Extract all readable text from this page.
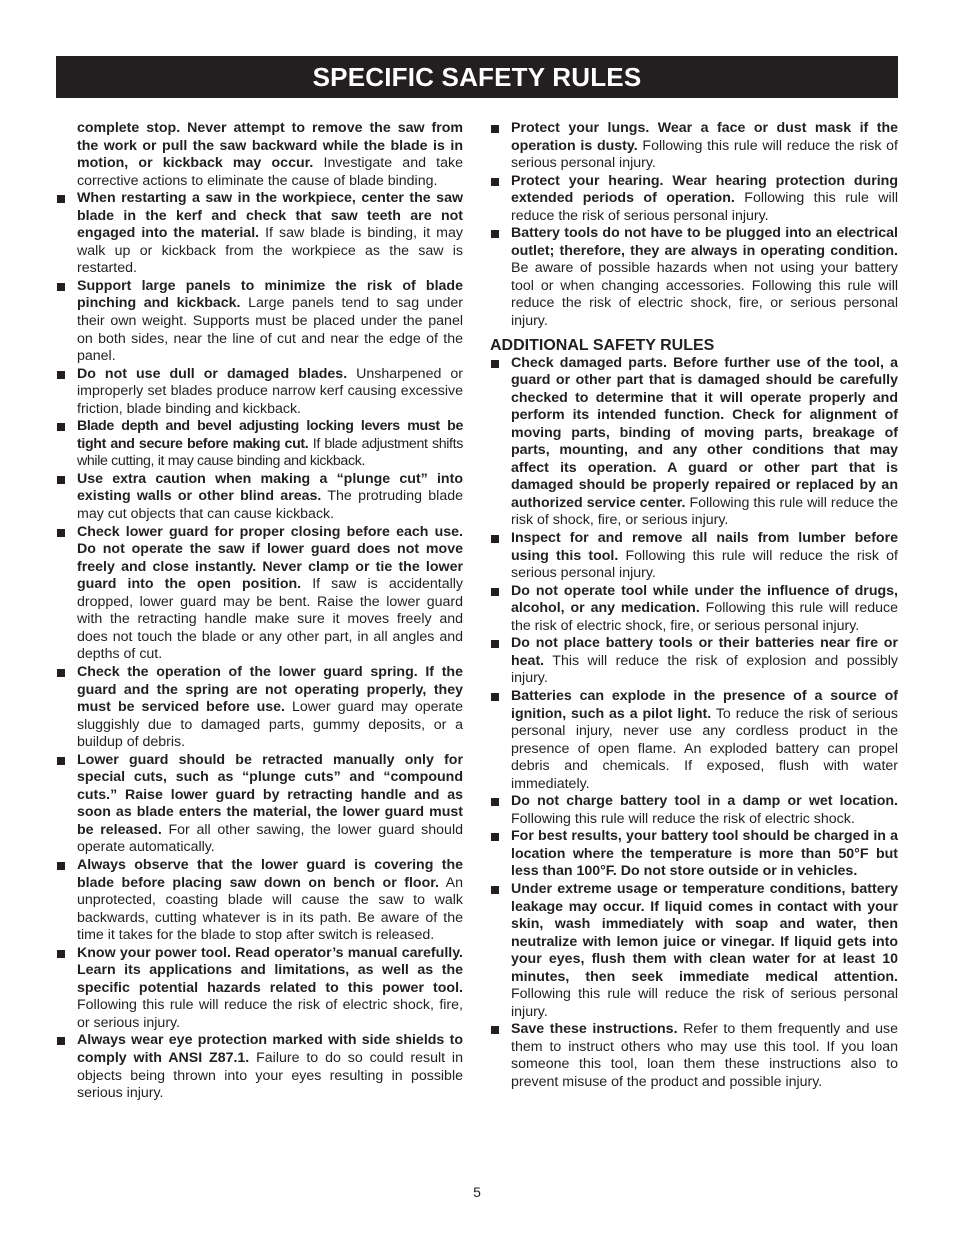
SPECIFIC SAFETY RULES

complete stop. Never attempt to remove the saw from the work or pull the saw backward while the blade is in motion, or kickback may occur. Investigate and take corrective actions to eliminate the cause of blade binding.

When restarting a saw in the workpiece, center the saw blade in the kerf and check that saw teeth are not engaged into the material. If saw blade is binding, it may walk up or kickback from the workpiece as the saw is restarted.

Support large panels to minimize the risk of blade pinching and kickback. Large panels tend to sag under their own weight. Supports must be placed under the panel on both sides, near the line of cut and near the edge of the panel.

Do not use dull or damaged blades. Unsharpened or improperly set blades produce narrow kerf causing excessive friction, blade binding and kickback.

Blade depth and bevel adjusting locking levers must be tight and secure before making cut. If blade adjustment shifts while cutting, it may cause binding and kickback.

Use extra caution when making a “plunge cut” into existing walls or other blind areas. The protruding blade may cut objects that can cause kickback.

Check lower guard for proper closing before each use. Do not operate the saw if lower guard does not move freely and close instantly. Never clamp or tie the lower guard into the open position. If saw is accidentally dropped, lower guard may be bent. Raise the lower guard with the retracting handle make sure it moves freely and does not touch the blade or any other part, in all angles and depths of cut.

Check the operation of the lower guard spring. If the guard and the spring are not operating properly, they must be serviced before use. Lower guard may operate sluggishly due to damaged parts, gummy deposits, or a buildup of debris.

Lower guard should be retracted manually only for special cuts, such as “plunge cuts” and “compound cuts.” Raise lower guard by retracting handle and as soon as blade enters the material, the lower guard must be released. For all other sawing, the lower guard should operate automatically.

Always observe that the lower guard is covering the blade before placing saw down on bench or floor. An unprotected, coasting blade will cause the saw to walk backwards, cutting whatever is in its path. Be aware of the time it takes for the blade to stop after switch is released.

Know your power tool. Read operator’s manual carefully. Learn its applications and limitations, as well as the specific potential hazards related to this power tool. Following this rule will reduce the risk of electric shock, fire, or serious injury.

Always wear eye protection marked with side shields to comply with ANSI Z87.1. Failure to do so could result in objects being thrown into your eyes resulting in possible serious injury.

Protect your lungs. Wear a face or dust mask if the operation is dusty. Following this rule will reduce the risk of serious personal injury.

Protect your hearing. Wear hearing protection during extended periods of operation. Following this rule will reduce the risk of serious personal injury.

Battery tools do not have to be plugged into an electrical outlet; therefore, they are always in operating condition. Be aware of possible hazards when not using your battery tool or when changing accessories. Following this rule will reduce the risk of electric shock, fire, or serious personal injury.

ADDITIONAL SAFETY RULES

Check damaged parts. Before further use of the tool, a guard or other part that is damaged should be carefully checked to determine that it will operate properly and perform its intended function. Check for alignment of moving parts, binding of moving parts, breakage of parts, mounting, and any other conditions that may affect its operation. A guard or other part that is damaged should be properly repaired or replaced by an authorized service center. Following this rule will reduce the risk of shock, fire, or serious injury.

Inspect for and remove all nails from lumber before using this tool. Following this rule will reduce the risk of serious personal injury.

Do not operate tool while under the influence of drugs, alcohol, or any medication. Following this rule will reduce the risk of electric shock, fire, or serious personal injury.

Do not place battery tools or their batteries near fire or heat. This will reduce the risk of explosion and possibly injury.

Batteries can explode in the presence of a source of ignition, such as a pilot light. To reduce the risk of serious personal injury, never use any cordless product in the presence of open flame. An exploded battery can propel debris and chemicals. If exposed, flush with water immediately.

Do not charge battery tool in a damp or wet location. Following this rule will reduce the risk of electric shock.

For best results, your battery tool should be charged in a location where the temperature is more than 50°F but less than 100°F. Do not store outside or in vehicles.

Under extreme usage or temperature conditions, battery leakage may occur. If liquid comes in contact with your skin, wash immediately with soap and water, then neutralize with lemon juice or vinegar. If liquid gets into your eyes, flush them with clean water for at least 10 minutes, then seek immediate medical attention. Following this rule will reduce the risk of serious personal injury.

Save these instructions. Refer to them frequently and use them to instruct others who may use this tool. If you loan someone this tool, loan them these instructions also to prevent misuse of the product and possible injury.

5
